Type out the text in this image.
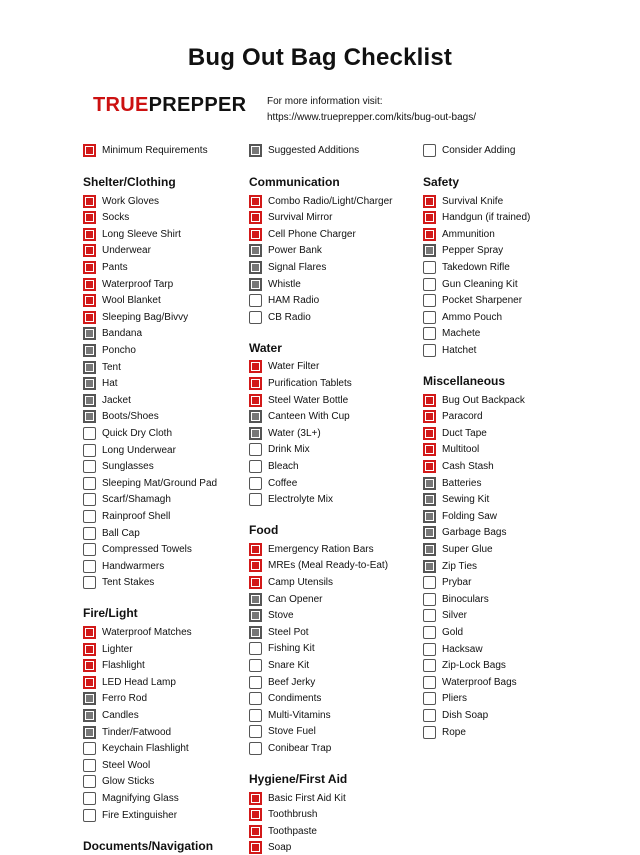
Bug Out Bag Checklist
TRUEPREPPER For more information visit:
https://www.trueprepper.com/kits/bug-out-bags/
Minimum Requirements	Suggested Additions	Consider Adding
Shelter/Clothing
Work Gloves
Socks
Long Sleeve Shirt
Underwear
Pants
Waterproof Tarp
Wool Blanket
Sleeping Bag/Bivvy
Bandana
Poncho
Tent
Hat
Jacket
Boots/Shoes
Quick Dry Cloth
Long Underwear
Sunglasses
Sleeping Mat/Ground Pad
Scarf/Shamagh
Rainproof Shell
Ball Cap
Compressed Towels
Handwarmers
Tent Stakes
Fire/Light
Waterproof Matches
Lighter
Flashlight
LED Head Lamp
Ferro Rod
Candles
Tinder/Fatwood
Keychain Flashlight
Steel Wool
Glow Sticks
Magnifying Glass
Fire Extinguisher
Documents/Navigation
Communication
Combo Radio/Light/Charger
Survival Mirror
Cell Phone Charger
Power Bank
Signal Flares
Whistle
HAM Radio
CB Radio
Water
Water Filter
Purification Tablets
Steel Water Bottle
Canteen With Cup
Water (3L+)
Drink Mix
Bleach
Coffee
Electrolyte Mix
Food
Emergency Ration Bars
MREs (Meal Ready-to-Eat)
Camp Utensils
Can Opener
Stove
Steel Pot
Fishing Kit
Snare Kit
Beef Jerky
Condiments
Multi-Vitamins
Stove Fuel
Conibear Trap
Hygiene/First Aid
Basic First Aid Kit
Toothbrush
Toothpaste
Soap
Safety
Survival Knife
Handgun (if trained)
Ammunition
Pepper Spray
Takedown Rifle
Gun Cleaning Kit
Pocket Sharpener
Ammo Pouch
Machete
Hatchet
Miscellaneous
Bug Out Backpack
Paracord
Duct Tape
Multitool
Cash Stash
Batteries
Sewing Kit
Folding Saw
Garbage Bags
Super Glue
Zip Ties
Prybar
Binoculars
Silver
Gold
Hacksaw
Zip-Lock Bags
Waterproof Bags
Pliers
Dish Soap
Rope
